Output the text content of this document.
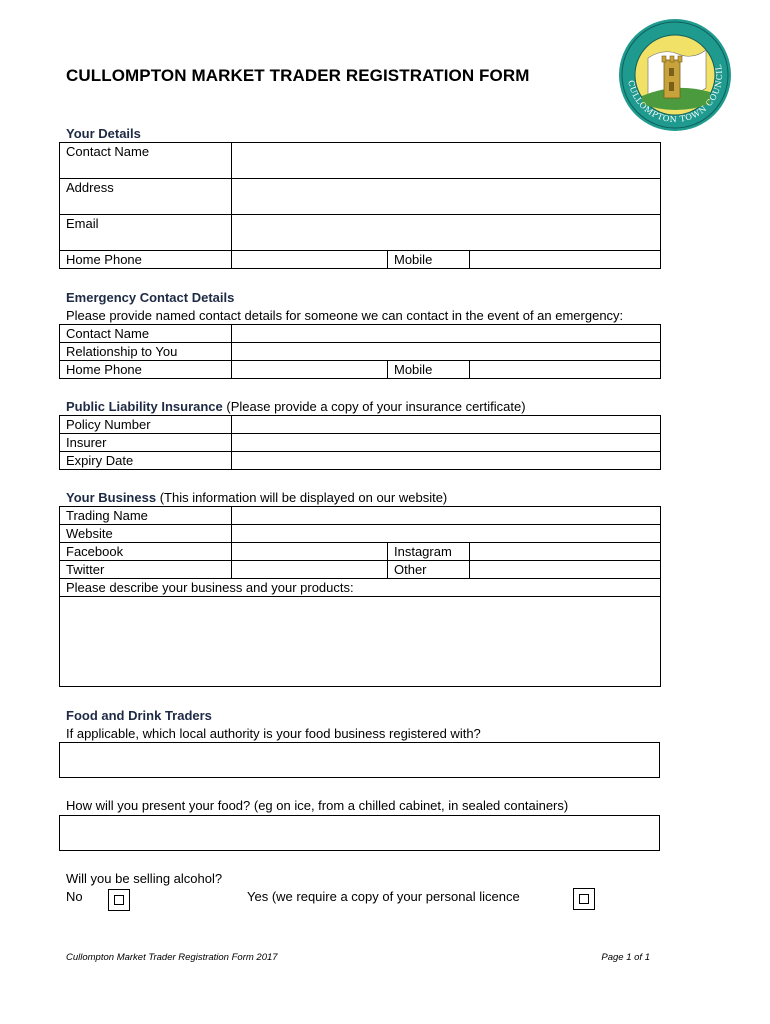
CULLOMPTON TOWN COUNCIL
CULLOMPTON MARKET TRADER REGISTRATION FORM
Your Details
Contact Name			
Address			
Email			
Home Phone		Mobile	
Emergency Contact Details
Please provide named contact details for someone we can contact in the event of an emergency:
Contact Name			
Relationship to You			
Home Phone		Mobile	
Public Liability Insurance (Please provide a copy of your insurance certificate)
Policy Number	
Insurer	
Expiry Date	
Your Business (This information will be displayed on our website)
Trading Name			
Website			
Facebook		Instagram	
Twitter		Other	
Please describe your business and your products:			

Food and Drink Traders
If applicable, which local authority is your food business registered with?
How will you present your food? (eg on ice, from a chilled cabinet, in sealed containers)
Will you be selling alcohol?
No	Yes (we require a copy of your personal licence
Cullompton Market Trader Registration Form 2017	Page 1 of 1
